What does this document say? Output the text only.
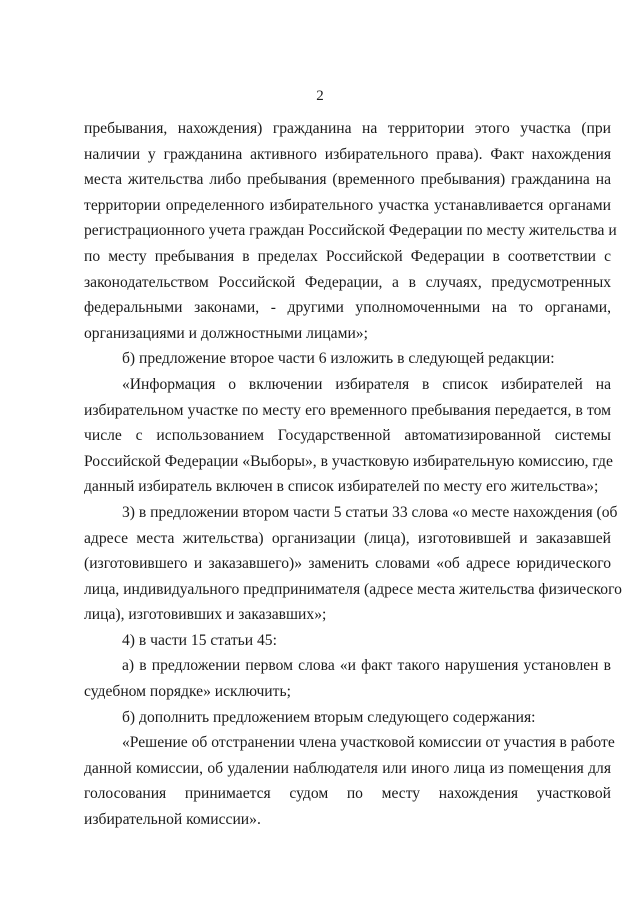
2
пребывания, нахождения) гражданина на территории этого участка (при
наличии у гражданина активного избирательного права). Факт нахождения
места жительства либо пребывания (временного пребывания) гражданина на
территории определенного избирательного участка устанавливается органами
регистрационного учета граждан Российской Федерации по месту жительства и
по месту пребывания в пределах Российской Федерации в соответствии с
законодательством Российской Федерации, а в случаях, предусмотренных
федеральными законами, - другими уполномоченными на то органами,
организациями и должностными лицами»;
б) предложение второе части 6 изложить в следующей редакции:
«Информация о включении избирателя в список избирателей на
избирательном участке по месту его временного пребывания передается, в том
числе с использованием Государственной автоматизированной системы
Российской Федерации «Выборы», в участковую избирательную комиссию, где
данный избиратель включен в список избирателей по месту его жительства»;
3) в предложении втором части 5 статьи 33 слова «о месте нахождения (об
адресе места жительства) организации (лица), изготовившей и заказавшей
(изготовившего и заказавшего)» заменить словами «об адресе юридического
лица, индивидуального предпринимателя (адресе места жительства физического
лица), изготовивших и заказавших»;
4) в части 15 статьи 45:
а) в предложении первом слова «и факт такого нарушения установлен в
судебном порядке» исключить;
б) дополнить предложением вторым следующего содержания:
«Решение об отстранении члена участковой комиссии от участия в работе
данной комиссии, об удалении наблюдателя или иного лица из помещения для
голосования принимается судом по месту нахождения участковой
избирательной комиссии».
